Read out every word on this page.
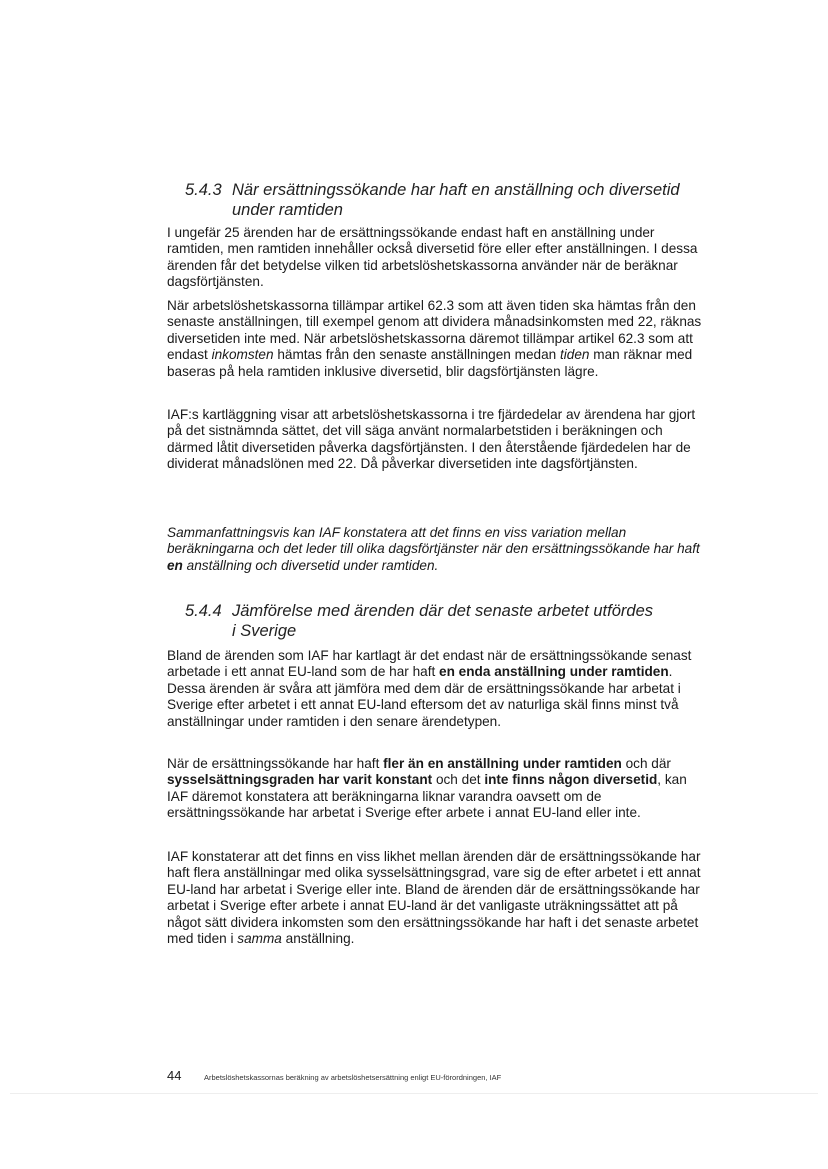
5.4.3 När ersättningssökande har haft en anställning och diversetid
under ramtiden

I ungefär 25 ärenden har de ersättningssökande endast haft en anställning under ramtiden, men ramtiden innehåller också diversetid före eller efter anställningen. I dessa ärenden får det betydelse vilken tid arbetslöshetskassorna använder när de beräknar dagsförtjänsten.

När arbetslöshetskassorna tillämpar artikel 62.3 som att även tiden ska hämtas från den senaste anställningen, till exempel genom att dividera månadsinkomsten med 22, räknas diversetiden inte med. När arbetslöshetskassorna däremot tillämpar artikel 62.3 som att endast inkomsten hämtas från den senaste anställningen medan tiden man räknar med baseras på hela ramtiden inklusive diversetid, blir dagsförtjänsten lägre.

IAF:s kartläggning visar att arbetslöshetskassorna i tre fjärdedelar av ärendena har gjort på det sistnämnda sättet, det vill säga använt normalarbetstiden i beräkningen och därmed låtit diversetiden påverka dagsförtjänsten. I den återstående fjärdedelen har de dividerat månadslönen med 22. Då påverkar diversetiden inte dagsförtjänsten.

Sammanfattningsvis kan IAF konstatera att det finns en viss variation mellan beräkningarna och det leder till olika dagsförtjänster när den ersättningssökande har haft en anställning och diversetid under ramtiden.

5.4.4 Jämförelse med ärenden där det senaste arbetet utfördes
i Sverige

Bland de ärenden som IAF har kartlagt är det endast när de ersättningssökande senast arbetade i ett annat EU-land som de har haft en enda anställning under ramtiden. Dessa ärenden är svåra att jämföra med dem där de ersättningssökande har arbetat i Sverige efter arbetet i ett annat EU-land eftersom det av naturliga skäl finns minst två anställningar under ramtiden i den senare ärendetypen.

När de ersättningssökande har haft fler än en anställning under ramtiden och där sysselsättningsgraden har varit konstant och det inte finns någon diversetid, kan IAF däremot konstatera att beräkningarna liknar varandra oavsett om de ersättningssökande har arbetat i Sverige efter arbete i annat EU-land eller inte.

IAF konstaterar att det finns en viss likhet mellan ärenden där de ersättningssökande har haft flera anställningar med olika sysselsättningsgrad, vare sig de efter arbetet i ett annat EU-land har arbetat i Sverige eller inte. Bland de ärenden där de ersättningssökande har arbetat i Sverige efter arbete i annat EU-land är det vanligaste uträkningssättet att på något sätt dividera inkomsten som den ersättningssökande har haft i det senaste arbetet med tiden i samma anställning.

44	Arbetslöshetskassornas beräkning av arbetslöshetsersättning enligt EU-förordningen, IAF
